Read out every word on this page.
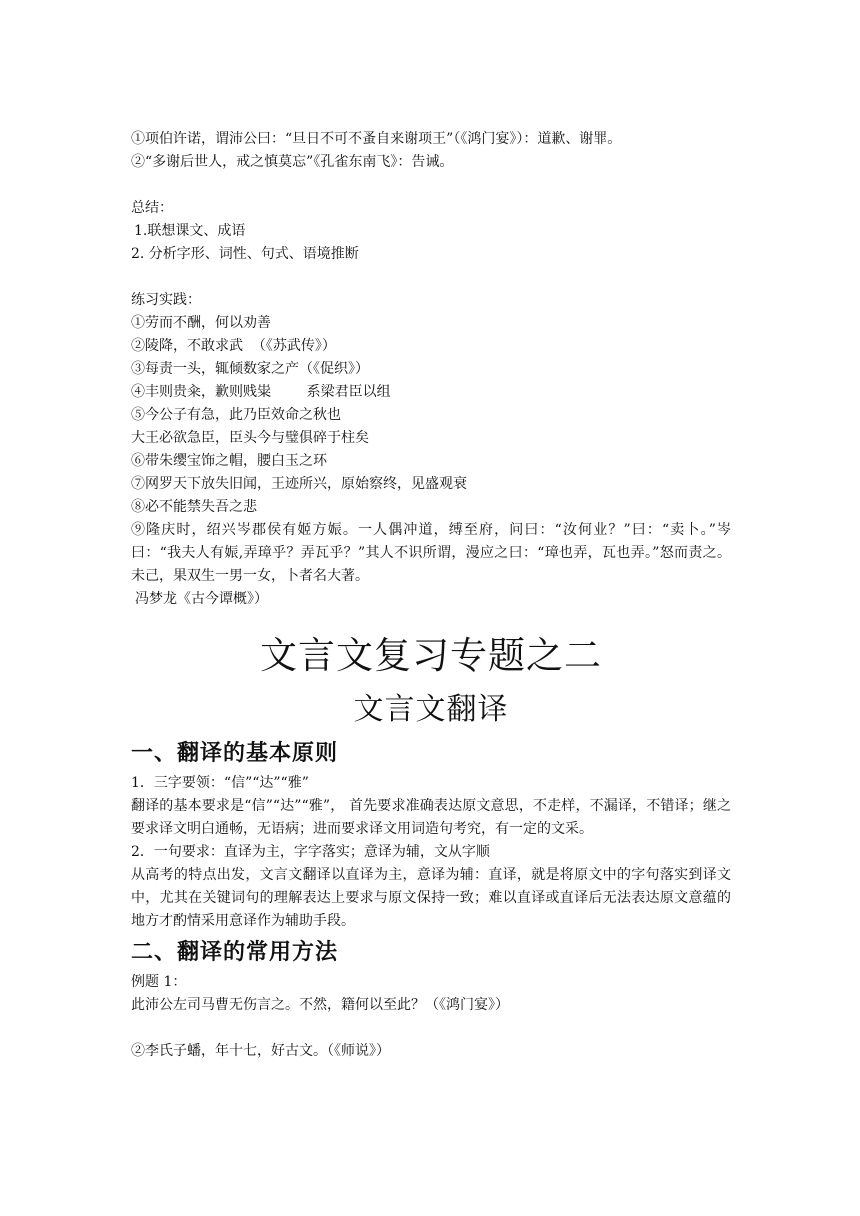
①项伯许诺，谓沛公曰：“旦日不可不蚤自来谢项王”（《鸿门宴》）：道歉、谢罪。
②“多谢后世人，戒之慎莫忘”《孔雀东南飞》：告诫。
总结：
1.联想课文、成语
2. 分析字形、词性、句式、语境推断
练习实践：
①劳而不酬，何以劝善
②陵降，不敢求武  （《苏武传》）
③每责一头，辄倾数家之产（《促织》）
④丰则贵籴，歉则贱粜        系梁君臣以组
⑤今公子有急，此乃臣效命之秋也
大王必欲急臣，臣头今与璧俱碎于柱矣
⑥带朱缨宝饰之帽，腰白玉之环
⑦网罗天下放失旧闻，王迹所兴，原始察终，见盛观衰
⑧必不能禁失吾之悲
⑨隆庆时，绍兴岑郡侯有姬方娠。一人偶冲道，缚至府，问曰：“汝何业？”曰：“卖卜。”岑曰：“我夫人有娠,弄璋乎？弄瓦乎？”其人不识所谓，漫应之曰：“璋也弄，瓦也弄。”怒而责之。未己，果双生一男一女，卜者名大著。
冯梦龙《古今谭概》）
文言文复习专题之二
文言文翻译
一、翻译的基本原则
1．三字要领：“信”“达”“雅”
翻译的基本要求是“信”“达”“雅”， 首先要求准确表达原文意思，不走样，不漏译，不错译；继之要求译文明白通畅，无语病；进而要求译文用词造句考究，有一定的文采。
2．一句要求：直译为主，字字落实；意译为辅，文从字顺
从高考的特点出发，文言文翻译以直译为主，意译为辅：直译，就是将原文中的字句落实到译文中，尤其在关键词句的理解表达上要求与原文保持一致；难以直译或直译后无法表达原文意蕴的地方才酌情采用意译作为辅助手段。
二、翻译的常用方法
例题 1：
此沛公左司马曹无伤言之。不然，籍何以至此？（《鸿门宴》）
②李氏子蟠，年十七，好古文。（《师说》）
